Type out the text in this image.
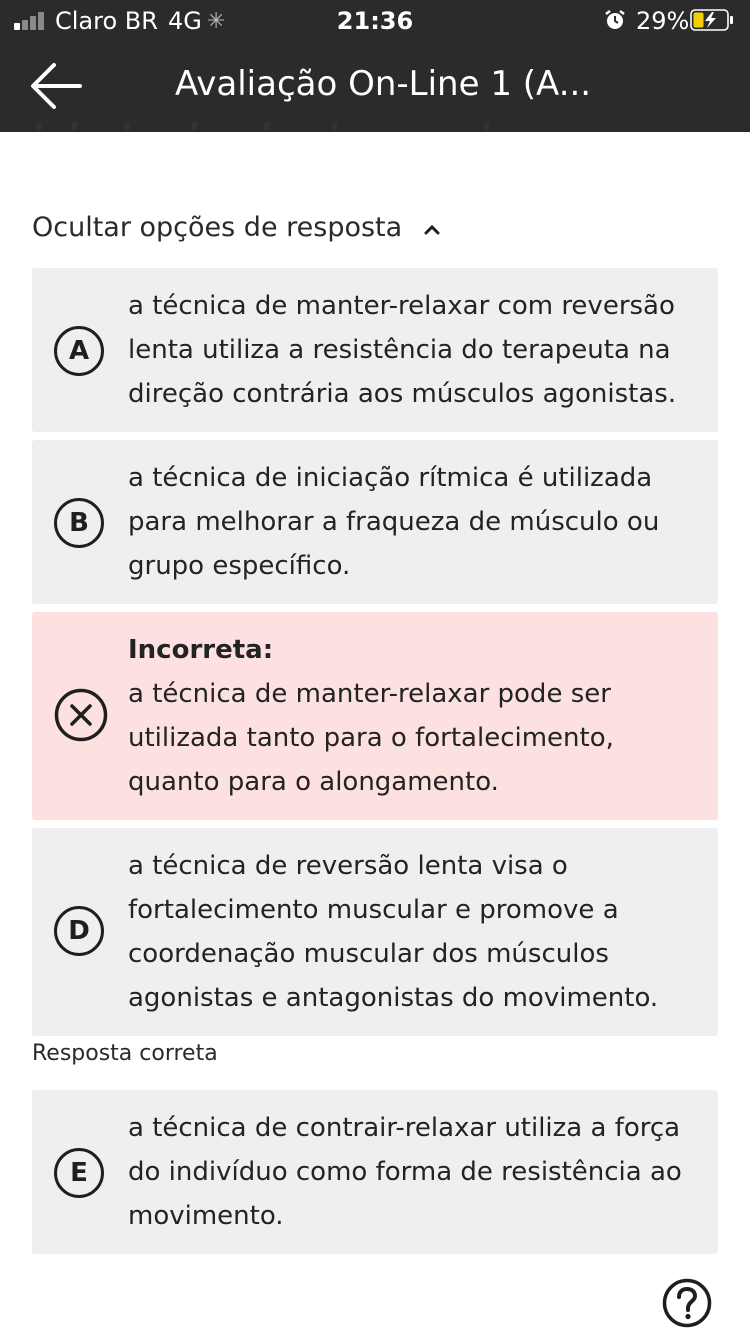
Claro BR 4G ✳	21:36	29%
Avaliação On-Line 1 (A...
Ocultar opções de resposta
A
a técnica de manter-relaxar com reversão lenta utiliza a resistência do terapeuta na direção contrária aos músculos agonistas.
B
a técnica de iniciação rítmica é utilizada para melhorar a fraqueza de músculo ou grupo específico.
Incorreta:
a técnica de manter-relaxar pode ser utilizada tanto para o fortalecimento, quanto para o alongamento.
D
a técnica de reversão lenta visa o fortalecimento muscular e promove a coordenação muscular dos músculos agonistas e antagonistas do movimento.
Resposta correta
E
a técnica de contrair-relaxar utiliza a força do indivíduo como forma de resistência ao movimento.
